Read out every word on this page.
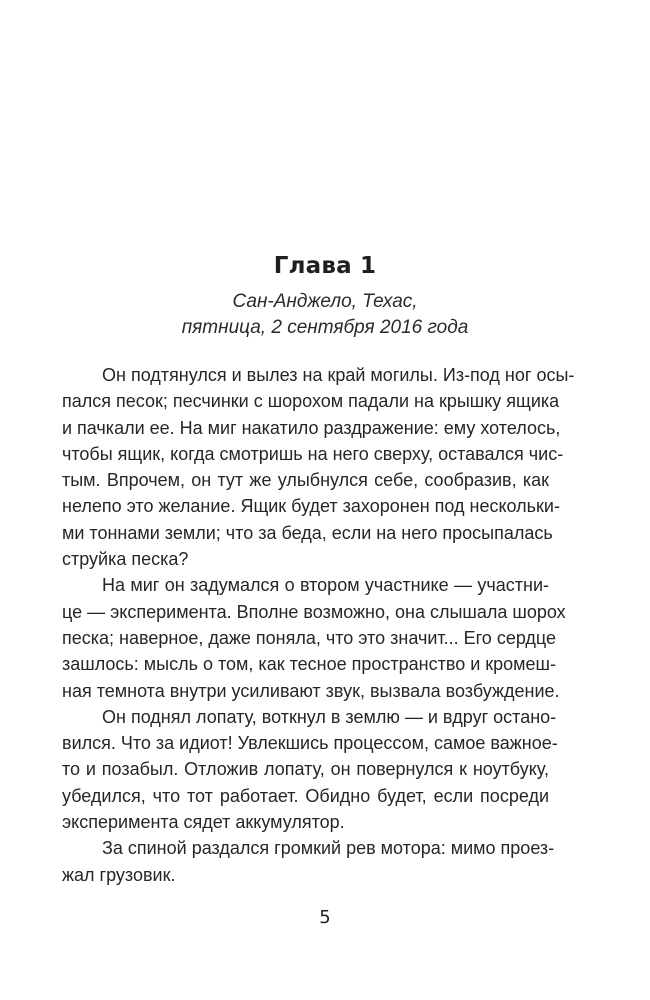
Глава 1
Сан-Анджело, Техас,
пятница, 2 сентября 2016 года
Он подтянулся и вылез на край могилы. Из-под ног осы-
пался песок; песчинки с шорохом падали на крышку ящика
и пачкали ее. На миг накатило раздражение: ему хотелось,
чтобы ящик, когда смотришь на него сверху, оставался чис-
тым. Впрочем, он тут же улыбнулся себе, сообразив, как
нелепо это желание. Ящик будет захоронен под нескольки-
ми тоннами земли; что за беда, если на него просыпалась
струйка песка?
На миг он задумался о втором участнике — участни-
це — эксперимента. Вполне возможно, она слышала шорох
песка; наверное, даже поняла, что это значит... Его сердце
зашлось: мысль о том, как тесное пространство и кромеш-
ная темнота внутри усиливают звук, вызвала возбуждение.
Он поднял лопату, воткнул в землю — и вдруг остано-
вился. Что за идиот! Увлекшись процессом, самое важное-
то и позабыл. Отложив лопату, он повернулся к ноутбуку,
убедился, что тот работает. Обидно будет, если посреди
эксперимента сядет аккумулятор.
За спиной раздался громкий рев мотора: мимо проез-
жал грузовик.
5
